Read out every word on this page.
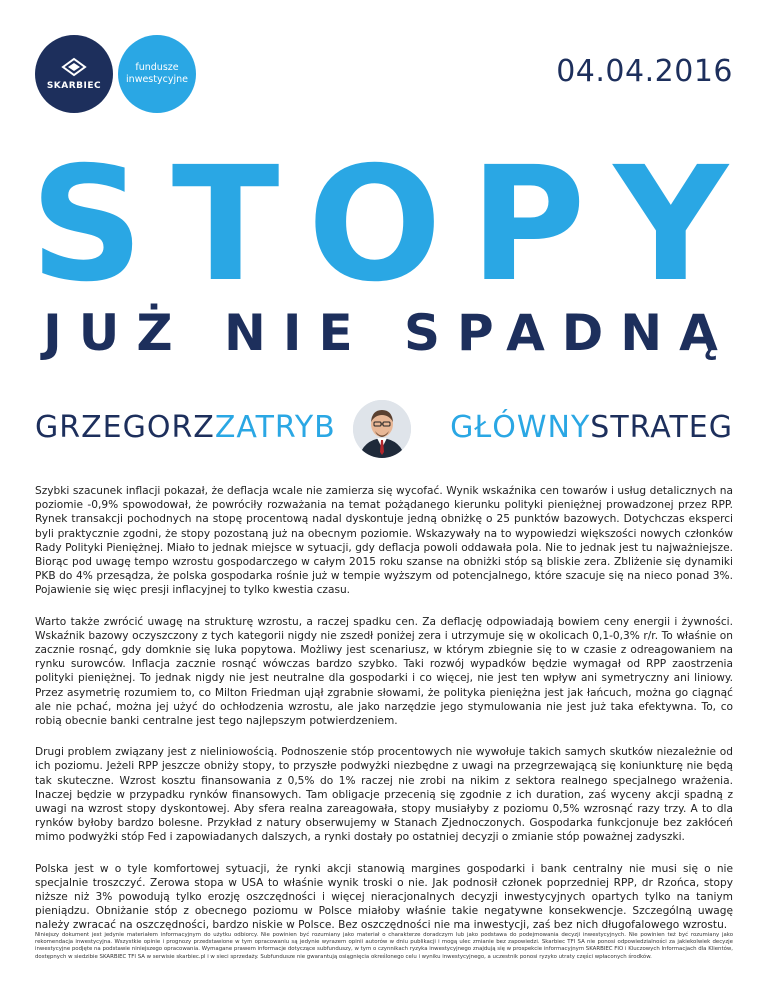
SKARBIEC
fundusze
inwestycyjne	04.04.2016
STOPY
JUŻ NIE SPADNĄ
GRZEGORZZATRYB	GŁÓWNYSTRATEG

Szybki szacunek inflacji pokazał, że deflacja wcale nie zamierza się wycofać. Wynik wskaźnika cen towarów i usług detalicznych na poziomie -0,9% spowodował, że powróciły rozważania na temat pożądanego kierunku polityki pieniężnej prowadzonej przez RPP. Rynek transakcji pochodnych na stopę procentową nadal dyskontuje jedną obniżkę o 25 punktów bazowych. Dotychczas eksperci byli praktycznie zgodni, że stopy pozostaną już na obecnym poziomie. Wskazywały na to wypowiedzi większości nowych członków Rady Polityki Pieniężnej. Miało to jednak miejsce w sytuacji, gdy deflacja powoli oddawała pola. Nie to jednak jest tu najważniejsze. Biorąc pod uwagę tempo wzrostu gospodarczego w całym 2015 roku szanse na obniżki stóp są bliskie zera. Zbliżenie się dynamiki PKB do 4% przesądza, że polska gospodarka rośnie już w tempie wyższym od potencjalnego, które szacuje się na nieco ponad 3%. Pojawienie się więc presji inflacyjnej to tylko kwestia czasu.

Warto także zwrócić uwagę na strukturę wzrostu, a raczej spadku cen. Za deflację odpowiadają bowiem ceny energii i żywności. Wskaźnik bazowy oczyszczony z tych kategorii nigdy nie zszedł poniżej zera i utrzymuje się w okolicach 0,1-0,3% r/r. To właśnie on zacznie rosnąć, gdy domknie się luka popytowa. Możliwy jest scenariusz, w którym zbiegnie się to w czasie z odreagowaniem na rynku surowców. Inflacja zacznie rosnąć wówczas bardzo szybko. Taki rozwój wypadków będzie wymagał od RPP zaostrzenia polityki pieniężnej. To jednak nigdy nie jest neutralne dla gospodarki i co więcej, nie jest ten wpływ ani symetryczny ani liniowy. Przez asymetrię rozumiem to, co Milton Friedman ujął zgrabnie słowami, że polityka pieniężna jest jak łańcuch, można go ciągnąć ale nie pchać, można jej użyć do ochłodzenia wzrostu, ale jako narzędzie jego stymulowania nie jest już taka efektywna. To, co robią obecnie banki centralne jest tego najlepszym potwierdzeniem.

Drugi problem związany jest z nieliniowością. Podnoszenie stóp procentowych nie wywołuje takich samych skutków niezależnie od ich poziomu. Jeżeli RPP jeszcze obniży stopy, to przyszłe podwyżki niezbędne z uwagi na przegrzewającą się koniunkturę nie będą tak skuteczne. Wzrost kosztu finansowania z 0,5% do 1% raczej nie zrobi na nikim z sektora realnego specjalnego wrażenia. Inaczej będzie w przypadku rynków finansowych. Tam obligacje przecenią się zgodnie z ich duration, zaś wyceny akcji spadną z uwagi na wzrost stopy dyskontowej. Aby sfera realna zareagowała, stopy musiałyby z poziomu 0,5% wzrosnąć razy trzy. A to dla rynków byłoby bardzo bolesne. Przykład z natury obserwujemy w Stanach Zjednoczonych. Gospodarka funkcjonuje bez zakłóceń mimo podwyżki stóp Fed i zapowiadanych dalszych, a rynki dostały po ostatniej decyzji o zmianie stóp poważnej zadyszki.

Polska jest w o tyle komfortowej sytuacji, że rynki akcji stanowią margines gospodarki i bank centralny nie musi się o nie specjalnie troszczyć. Zerowa stopa w USA to właśnie wynik troski o nie. Jak podnosił członek poprzedniej RPP, dr Rzońca, stopy niższe niż 3% powodują tylko erozję oszczędności i więcej nieracjonalnych decyzji inwestycyjnych opartych tylko na taniym pieniądzu. Obniżanie stóp z obecnego poziomu w Polsce miałoby właśnie takie negatywne konsekwencje. Szczególną uwagę należy zwracać na oszczędności, bardzo niskie w Polsce. Bez oszczędności nie ma inwestycji, zaś bez nich długofalowego wzrostu.

Niniejszy dokument jest jedynie materiałem informacyjnym do użytku odbiorcy. Nie powinien być rozumiany jako materiał o charakterze doradczym lub jako podstawa do podejmowania decyzji inwestycyjnych. Nie powinien też być rozumiany jako rekomendacja inwestycyjna. Wszystkie opinie i prognozy przedstawione w tym opracowaniu są jedynie wyrazem opinii autorów w dniu publikacji i mogą ulec zmianie bez zapowiedzi. Skarbiec TFI SA nie ponosi odpowiedzialności za jakiekolwiek decyzje inwestycyjne podjęte na podstawie niniejszego opracowania. Wymagane prawem informacje dotyczące subfunduszy, w tym o czynnikach ryzyka inwestycyjnego znajdują się w prospekcie informacyjnym SKARBIEC FIO i Kluczowych Informacjach dla Klientów, dostępnych w siedzibie SKARBIEC TFI SA w serwisie skarbiec.pl i w sieci sprzedaży. Subfundusze nie gwarantują osiągnięcia określonego celu i wyniku inwestycyjnego, a uczestnik ponosi ryzyko utraty części wpłaconych środków.
